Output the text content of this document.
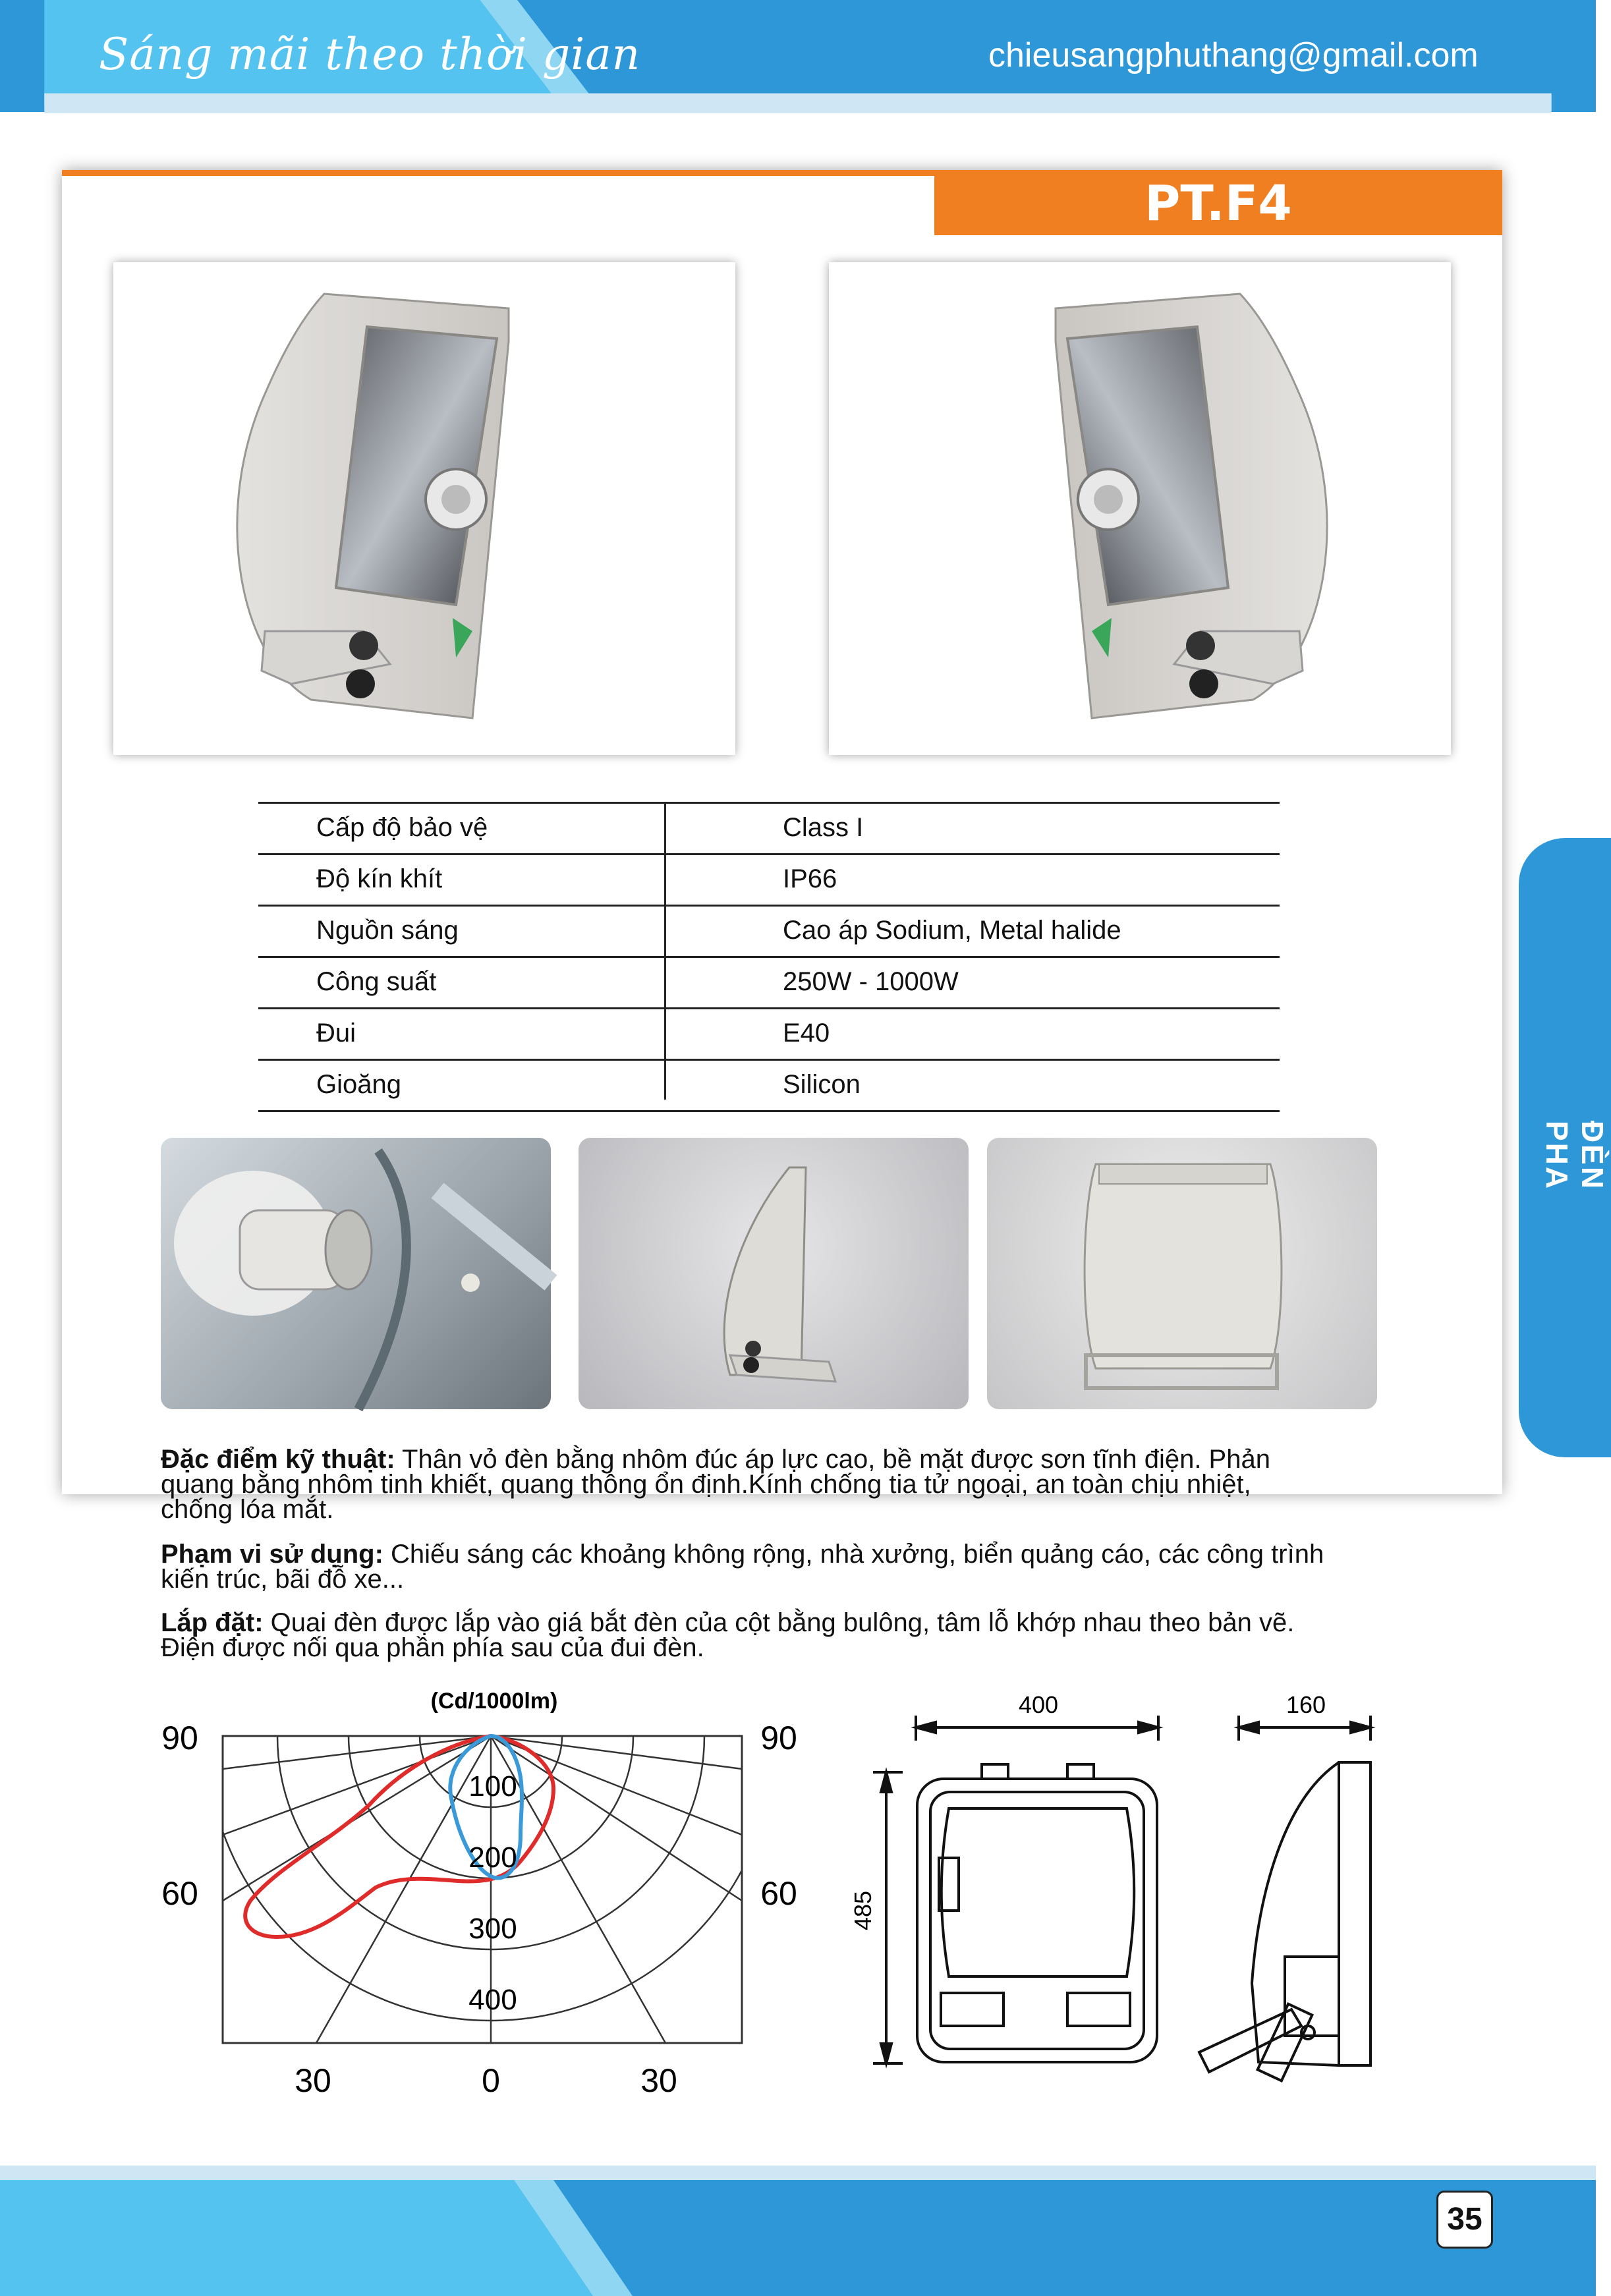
Sáng mãi theo thời gian	chieusangphuthang@gmail.com
PT.F4
Cấp độ bảo vệ	Class I
Độ kín khít	IP66
Nguồn sáng	Cao áp Sodium, Metal halide
Công suất	250W - 1000W
Đui	E40
Gioăng	Silicon
Đặc điểm kỹ thuật: Thân vỏ đèn bằng nhôm đúc áp lực cao, bề mặt được sơn tĩnh điện. Phản
quang bằng nhôm tinh khiết, quang thông ổn định.Kính chống tia tử ngoại, an toàn chịu nhiệt,
chống lóa mắt.
Phạm vi sử dụng: Chiếu sáng các khoảng không rộng, nhà xưởng, biển quảng cáo, các công trình
kiến trúc, bãi đỗ xe...
Lắp đặt: Quai đèn được lắp vào giá bắt đèn của cột bằng bulông, tâm lỗ khớp nhau theo bản vẽ.
Điện được nối qua phần phía sau của đui đèn.
(Cd/1000lm)
90	90
60	60
100
200
300
400
30	0	30
400
485
160
ĐÈN PHA
35
